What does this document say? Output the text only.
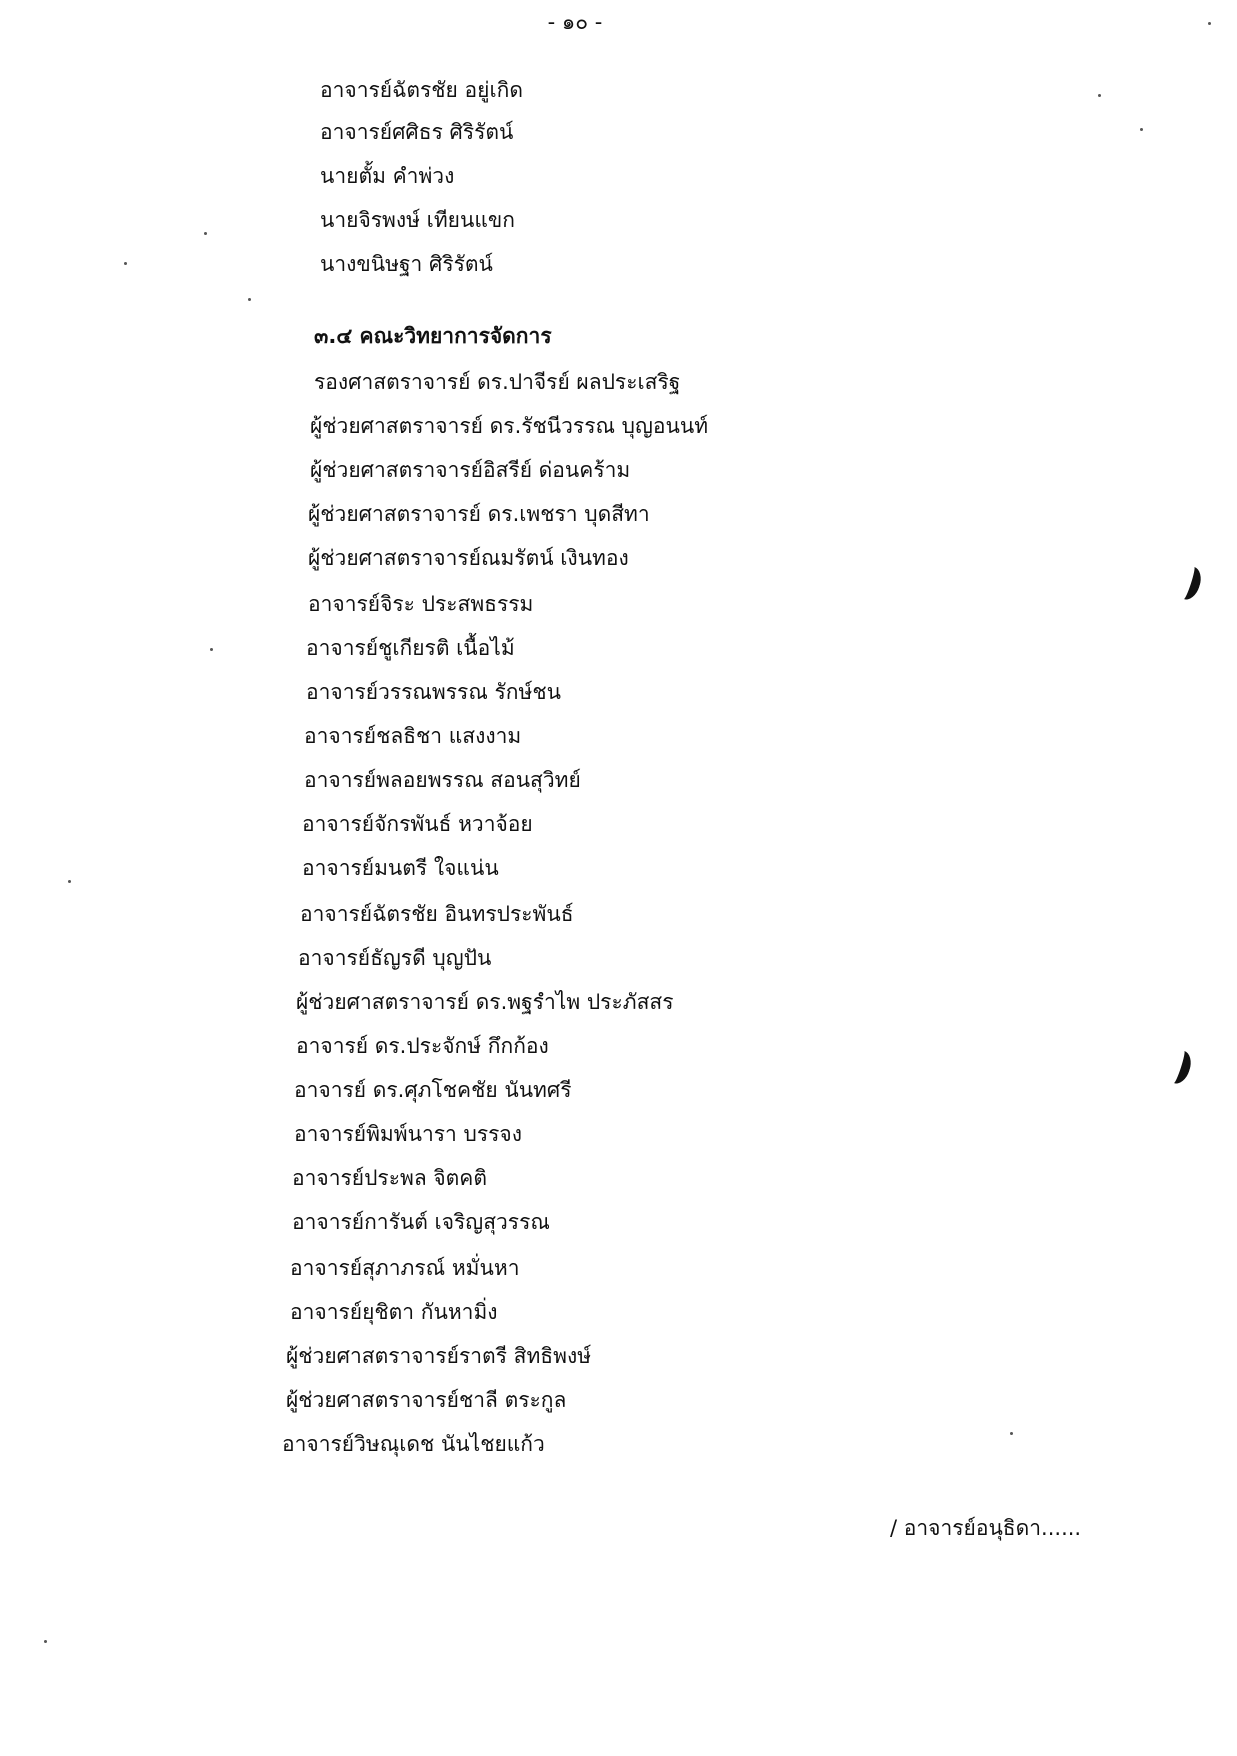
- ๑๐ -
อาจารย์ฉัตรชัย อยู่เกิด
อาจารย์ศศิธร ศิริรัตน์
นายตั้ม คำพ่วง
นายจิรพงษ์ เทียนแขก
นางขนิษฐา ศิริรัตน์
๓.๔ คณะวิทยาการจัดการ
รองศาสตราจารย์ ดร.ปาจีรย์ ผลประเสริฐ
ผู้ช่วยศาสตราจารย์ ดร.รัชนีวรรณ บุญอนนท์
ผู้ช่วยศาสตราจารย์อิสรีย์ ด่อนคร้าม
ผู้ช่วยศาสตราจารย์ ดร.เพชรา บุดสีทา
ผู้ช่วยศาสตราจารย์ณมรัตน์ เงินทอง
อาจารย์จิระ ประสพธรรม
อาจารย์ชูเกียรติ เนื้อไม้
อาจารย์วรรณพรรณ รักษ์ชน
อาจารย์ชลธิชา แสงงาม
อาจารย์พลอยพรรณ สอนสุวิทย์
อาจารย์จักรพันธ์ หวาจ้อย
อาจารย์มนตรี ใจแน่น
อาจารย์ฉัตรชัย อินทรประพันธ์
อาจารย์ธัญรดี บุญปัน
ผู้ช่วยศาสตราจารย์ ดร.พฐรำไพ ประภัสสร
อาจารย์ ดร.ประจักษ์ กึกก้อง
อาจารย์ ดร.ศุภโชคชัย นันทศรี
อาจารย์พิมพ์นารา บรรจง
อาจารย์ประพล จิตคติ
อาจารย์การันต์ เจริญสุวรรณ
อาจารย์สุภาภรณ์ หมั่นหา
อาจารย์ยุชิตา กันหามิ่ง
ผู้ช่วยศาสตราจารย์ราตรี สิทธิพงษ์
ผู้ช่วยศาสตราจารย์ชาลี ตระกูล
อาจารย์วิษณุเดช นันไชยแก้ว
/ อาจารย์อนุธิดา......
